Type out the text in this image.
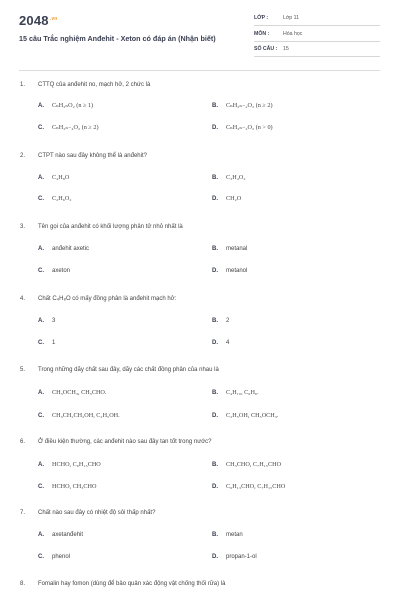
$2048^{.vn}$
15 câu Trắc nghiệm Anđehit - Xeton có đáp án (Nhận biết)
LỚP :	Lớp 11
MÔN :	Hóa học
SỐ CÂU : 15
1. CTTQ của anđehit no, mạch hở, 2 chức là
A. CₙH₂ₙO₂ (n ≥ 1)	B. CₙH₂ₙ₋₂O₂ (n ≥ 2)
C. CₙH₂ₙ₋₄O₂ (n ≥ 2)	D. CₙH₂ₙ₋₂O₂ (n > 0)
2. CTPT nào sau đây không thể là anđehit?
A. C₄H₈O	B. C₃H₄O₂
C. C₂H₆O₂	D. CH₂O
3. Tên gọi của anđehit có khối lượng phân tử nhỏ nhất là
A. anđehit axetic	B. metanal
C. axeton	D. metanol
4. Chất C₄H₈O có mấy đồng phân là anđehit mạch hở:
A. 3	B. 2
C. 1	D. 4
5. Trong những dãy chất sau đây, dãy các chất đồng phân của nhau là
A. CH₃OCH₃, CH₃CHO.	B. C₄H₁₀, C₆H₆.
C. CH₃CH₂CH₂OH, C₂H₅OH.	D. C₂H₅OH, CH₃OCH₃.
6. Ở điều kiện thường, các anđehit nào sau đây tan tốt trong nước?
A. HCHO, C₆H₁₃CHO	B. CH₃CHO, C₇H₁₅CHO
C. HCHO, CH₃CHO	D. C₆H₁₃CHO, C₇H₁₅CHO
7. Chất nào sau đây có nhiệt độ sôi thấp nhất?
A. axetanđehit	B. metan
C. phenol	D. propan-1-ol
8. Fomalin hay fomon (dùng để bảo quản xác động vật chống thối rữa) là
